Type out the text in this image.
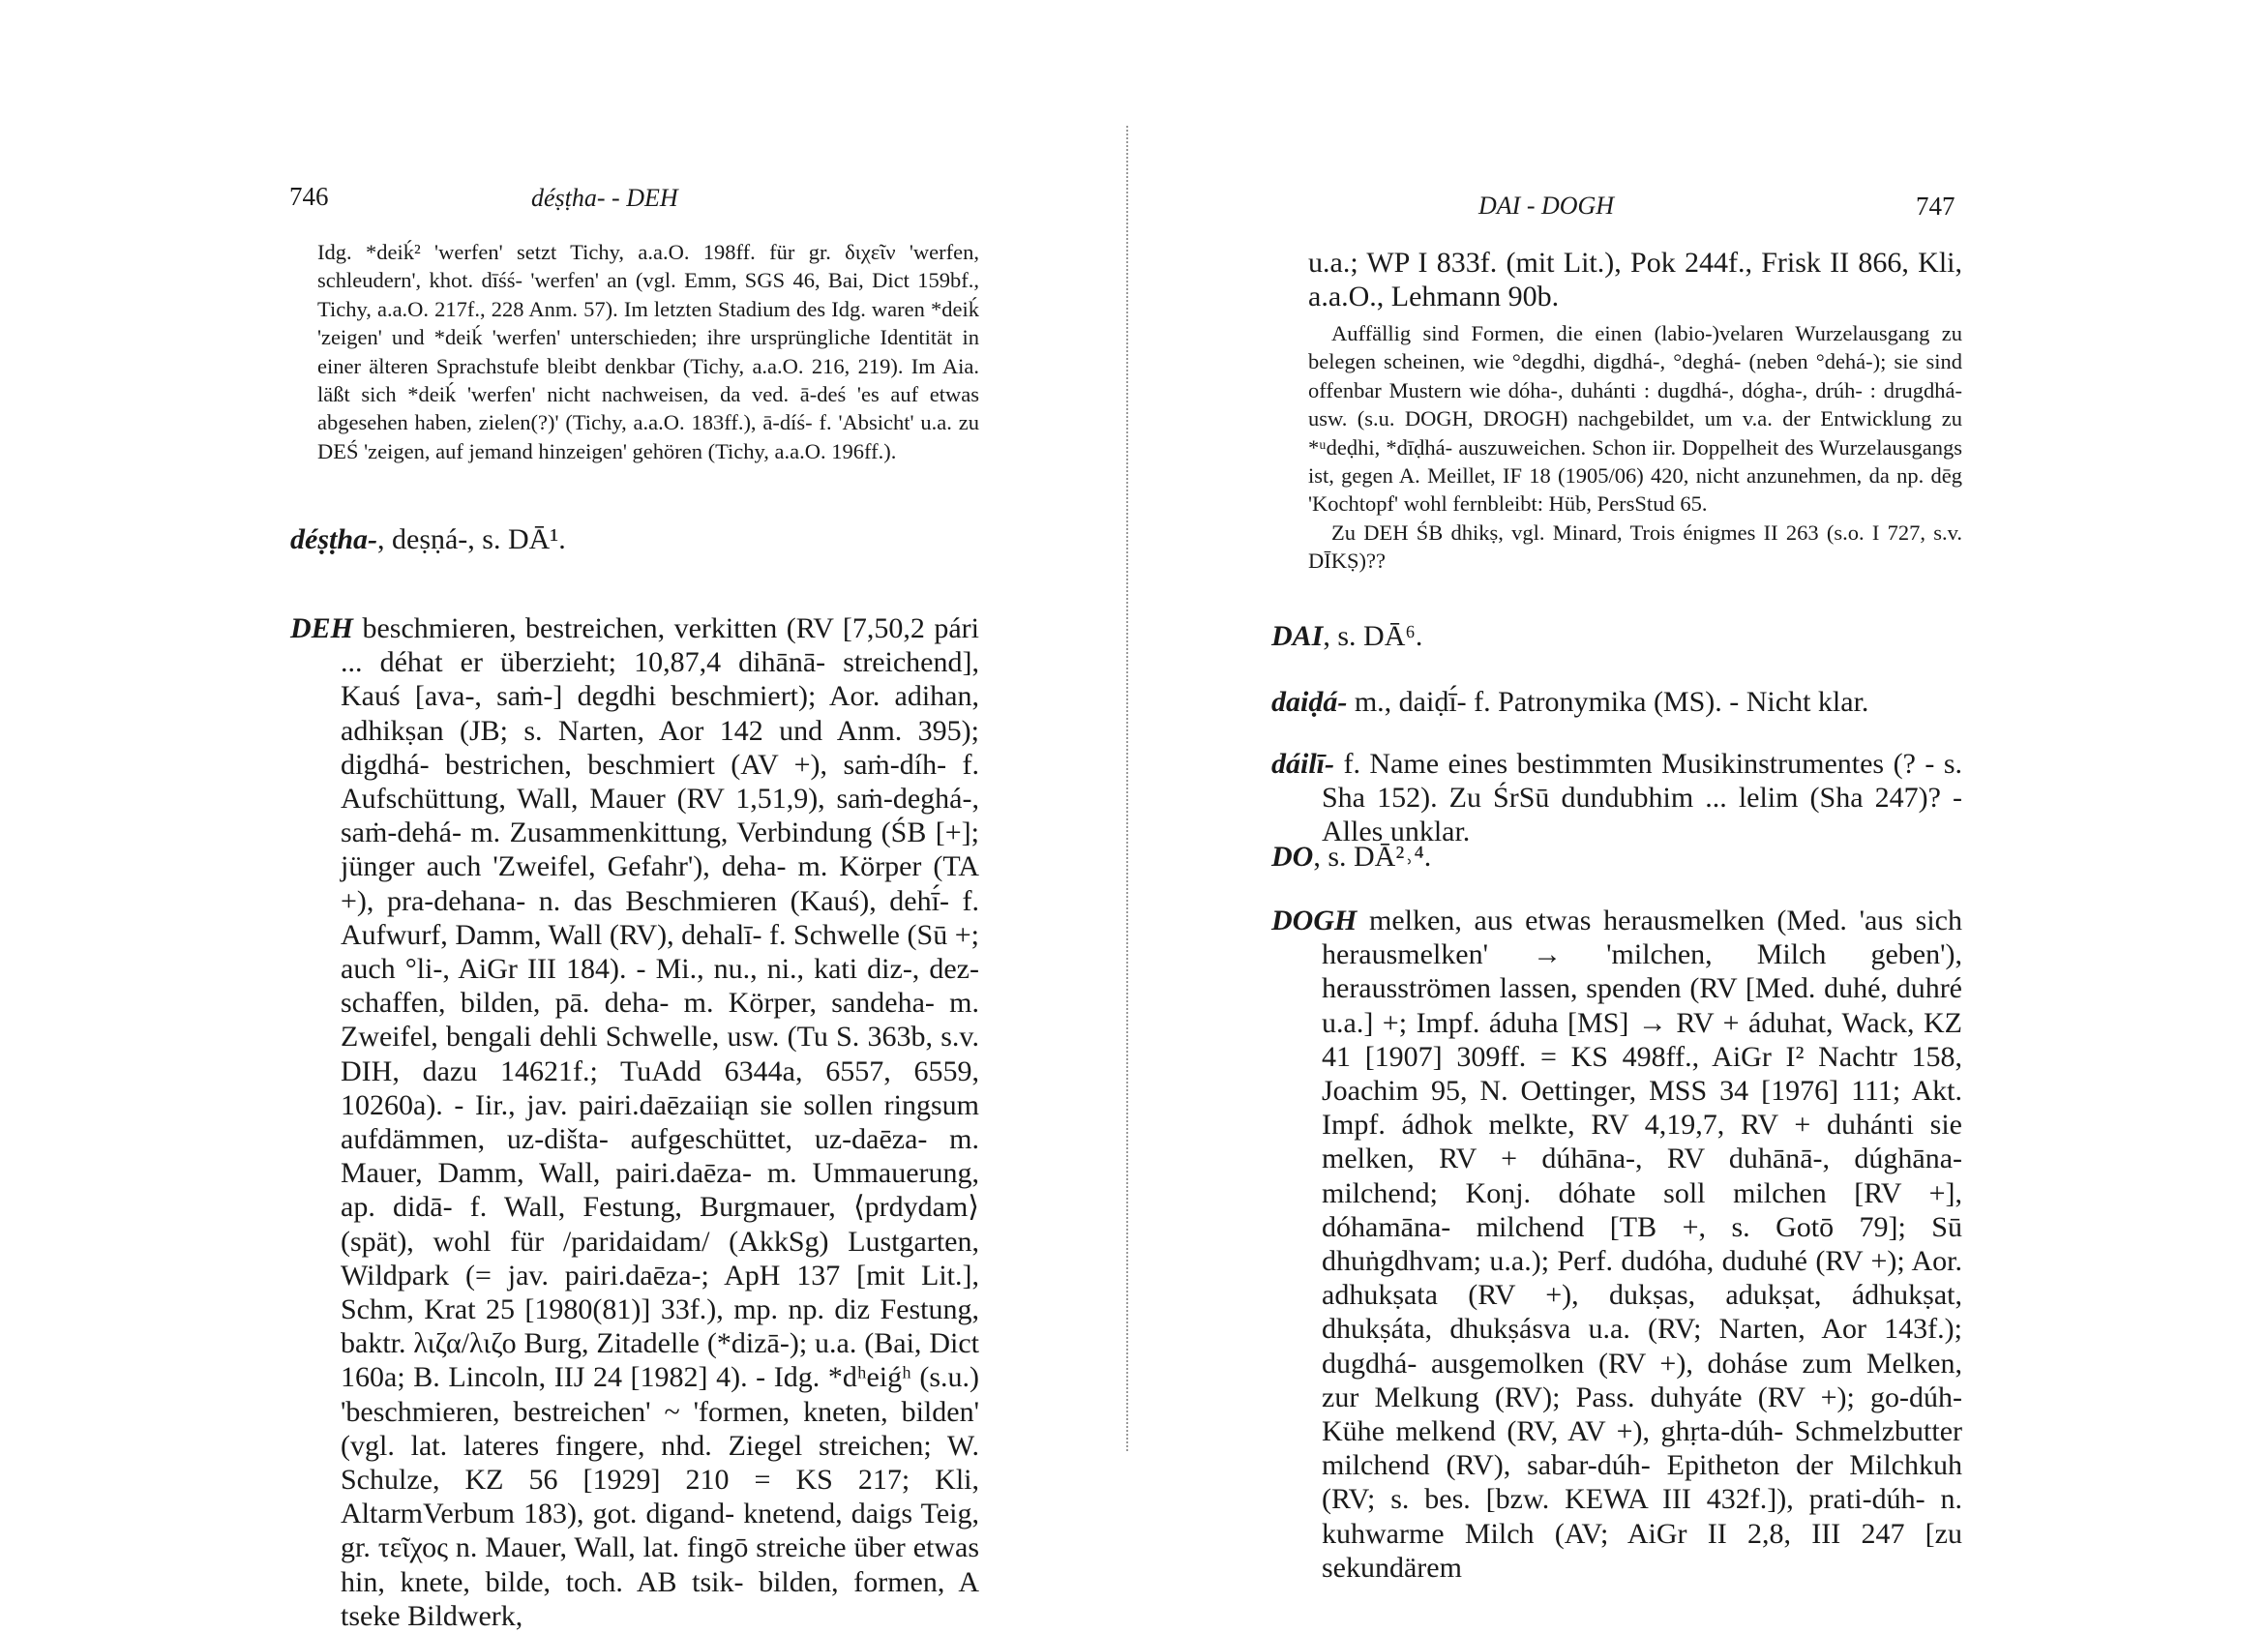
746	déṣṭha- - DEH

Idg. *deiḱ² 'werfen' setzt Tichy, a.a.O. 198ff. für gr. διχεῖν 'werfen, schleudern', khot. dīśś- 'werfen' an (vgl. Emm, SGS 46, Bai, Dict 159bf., Tichy, a.a.O. 217f., 228 Anm. 57). Im letzten Stadium des Idg. waren *deiḱ 'zeigen' und *deiḱ 'werfen' unterschieden; ihre ursprüngliche Identität in einer älteren Sprachstufe bleibt denkbar (Tichy, a.a.O. 216, 219). Im Aia. läßt sich *deiḱ 'werfen' nicht nachweisen, da ved. ā-deś 'es auf etwas abgesehen haben, zielen(?)' (Tichy, a.a.O. 183ff.), ā-díś- f. 'Absicht' u.a. zu DEŚ 'zeigen, auf jemand hinzeigen' gehören (Tichy, a.a.O. 196ff.).

déṣṭha-, deṣṇá-, s. DĀ¹.

DEH beschmieren, bestreichen, verkitten (RV [7,50,2 pári ... déhat er überzieht; 10,87,4 dihānā- streichend], Kauś [ava-, saṁ-] degdhi beschmiert); Aor. adihan, adhikṣan (JB; s. Narten, Aor 142 und Anm. 395); digdhá- bestrichen, beschmiert (AV +), saṁ-díh- f. Aufschüttung, Wall, Mauer (RV 1,51,9), saṁ-deghá-, saṁ-dehá- m. Zusammenkittung, Verbindung (ŚB [+]; jünger auch 'Zweifel, Gefahr'), deha- m. Körper (TA +), pra-dehana- n. das Beschmieren (Kauś), dehī́- f. Aufwurf, Damm, Wall (RV), dehalī- f. Schwelle (Sū +; auch °li-, AiGr III 184). - Mi., nu., ni., kati diz-, dez- schaffen, bilden, pā. deha- m. Körper, sandeha- m. Zweifel, bengali dehli Schwelle, usw. (Tu S. 363b, s.v. DIH, dazu 14621f.; TuAdd 6344a, 6557, 6559, 10260a). - Iir., jav. pairi.daēzaiiąn sie sollen ringsum aufdämmen, uz-dišta- aufgeschüttet, uz-daēza- m. Mauer, Damm, Wall, pairi.daēza- m. Ummauerung, ap. didā- f. Wall, Festung, Burgmauer, ⟨prdydam⟩ (spät), wohl für /paridaidam/ (AkkSg) Lustgarten, Wildpark (= jav. pairi.daēza-; ApH 137 [mit Lit.], Schm, Krat 25 [1980(81)] 33f.), mp. np. diz Festung, baktr. λιζα/λιζο Burg, Zitadelle (*dizā-); u.a. (Bai, Dict 160a; B. Lincoln, IIJ 24 [1982] 4). - Idg. *dʰeiǵʰ (s.u.) 'beschmieren, bestreichen' ~ 'formen, kneten, bilden' (vgl. lat. lateres fingere, nhd. Ziegel streichen; W. Schulze, KZ 56 [1929] 210 = KS 217; Kli, AltarmVerbum 183), got. digand- knetend, daigs Teig, gr. τεῖχος n. Mauer, Wall, lat. fingō streiche über etwas hin, knete, bilde, toch. AB tsik- bilden, formen, A tseke Bildwerk,

DAI - DOGH	747

u.a.; WP I 833f. (mit Lit.), Pok 244f., Frisk II 866, Kli, a.a.O., Lehmann 90b.

Auffällig sind Formen, die einen (labio-)velaren Wurzelausgang zu belegen scheinen, wie °degdhi, digdhá-, °deghá- (neben °dehá-); sie sind offenbar Mustern wie dóha-, duhánti : dugdhá-, dógha-, drúh- : drugdhá- usw. (s.u. DOGH, DROGH) nachgebildet, um v.a. der Entwicklung zu *ᵘdeḍhi, *dīḍhá- auszuweichen. Schon iir. Doppelheit des Wurzelausgangs ist, gegen A. Meillet, IF 18 (1905/06) 420, nicht anzunehmen, da np. dēg 'Kochtopf' wohl fernbleibt: Hüb, PersStud 65.

Zu DEH ŚB dhikṣ, vgl. Minard, Trois énigmes II 263 (s.o. I 727, s.v. DĪKṢ)??

DAI, s. DĀ⁶.

daiḍá- m., daiḍī́- f. Patronymika (MS). - Nicht klar.

dáilī- f. Name eines bestimmten Musikinstrumentes (? - s. Sha 152). Zu ŚrSū dundubhim ... lelim (Sha 247)? - Alles unklar.

DO, s. DĀ²˒⁴.

DOGH melken, aus etwas herausmelken (Med. 'aus sich herausmelken' → 'milchen, Milch geben'), herausströmen lassen, spenden (RV [Med. duhé, duhré u.a.] +; Impf. áduha [MS] → RV + áduhat, Wack, KZ 41 [1907] 309ff. = KS 498ff., AiGr I² Nachtr 158, Joachim 95, N. Oettinger, MSS 34 [1976] 111; Akt. Impf. ádhok melkte, RV 4,19,7, RV + duhánti sie melken, RV + dúhāna-, RV duhānā-, dúghāna- milchend; Konj. dóhate soll milchen [RV +], dóhamāna- milchend [TB +, s. Gotō 79]; Sū dhuṅgdhvam; u.a.); Perf. dudóha, duduhé (RV +); Aor. adhukṣata (RV +), dukṣas, adukṣat, ádhukṣat, dhukṣáta, dhukṣásva u.a. (RV; Narten, Aor 143f.); dugdhá- ausgemolken (RV +), doháse zum Melken, zur Melkung (RV); Pass. duhyáte (RV +); go-dúh- Kühe melkend (RV, AV +), ghṛta-dúh- Schmelzbutter milchend (RV), sabar-dúh- Epitheton der Milchkuh (RV; s. bes. [bzw. KEWA III 432f.]), prati-dúh- n. kuhwarme Milch (AV; AiGr II 2,8, III 247 [zu sekundärem
